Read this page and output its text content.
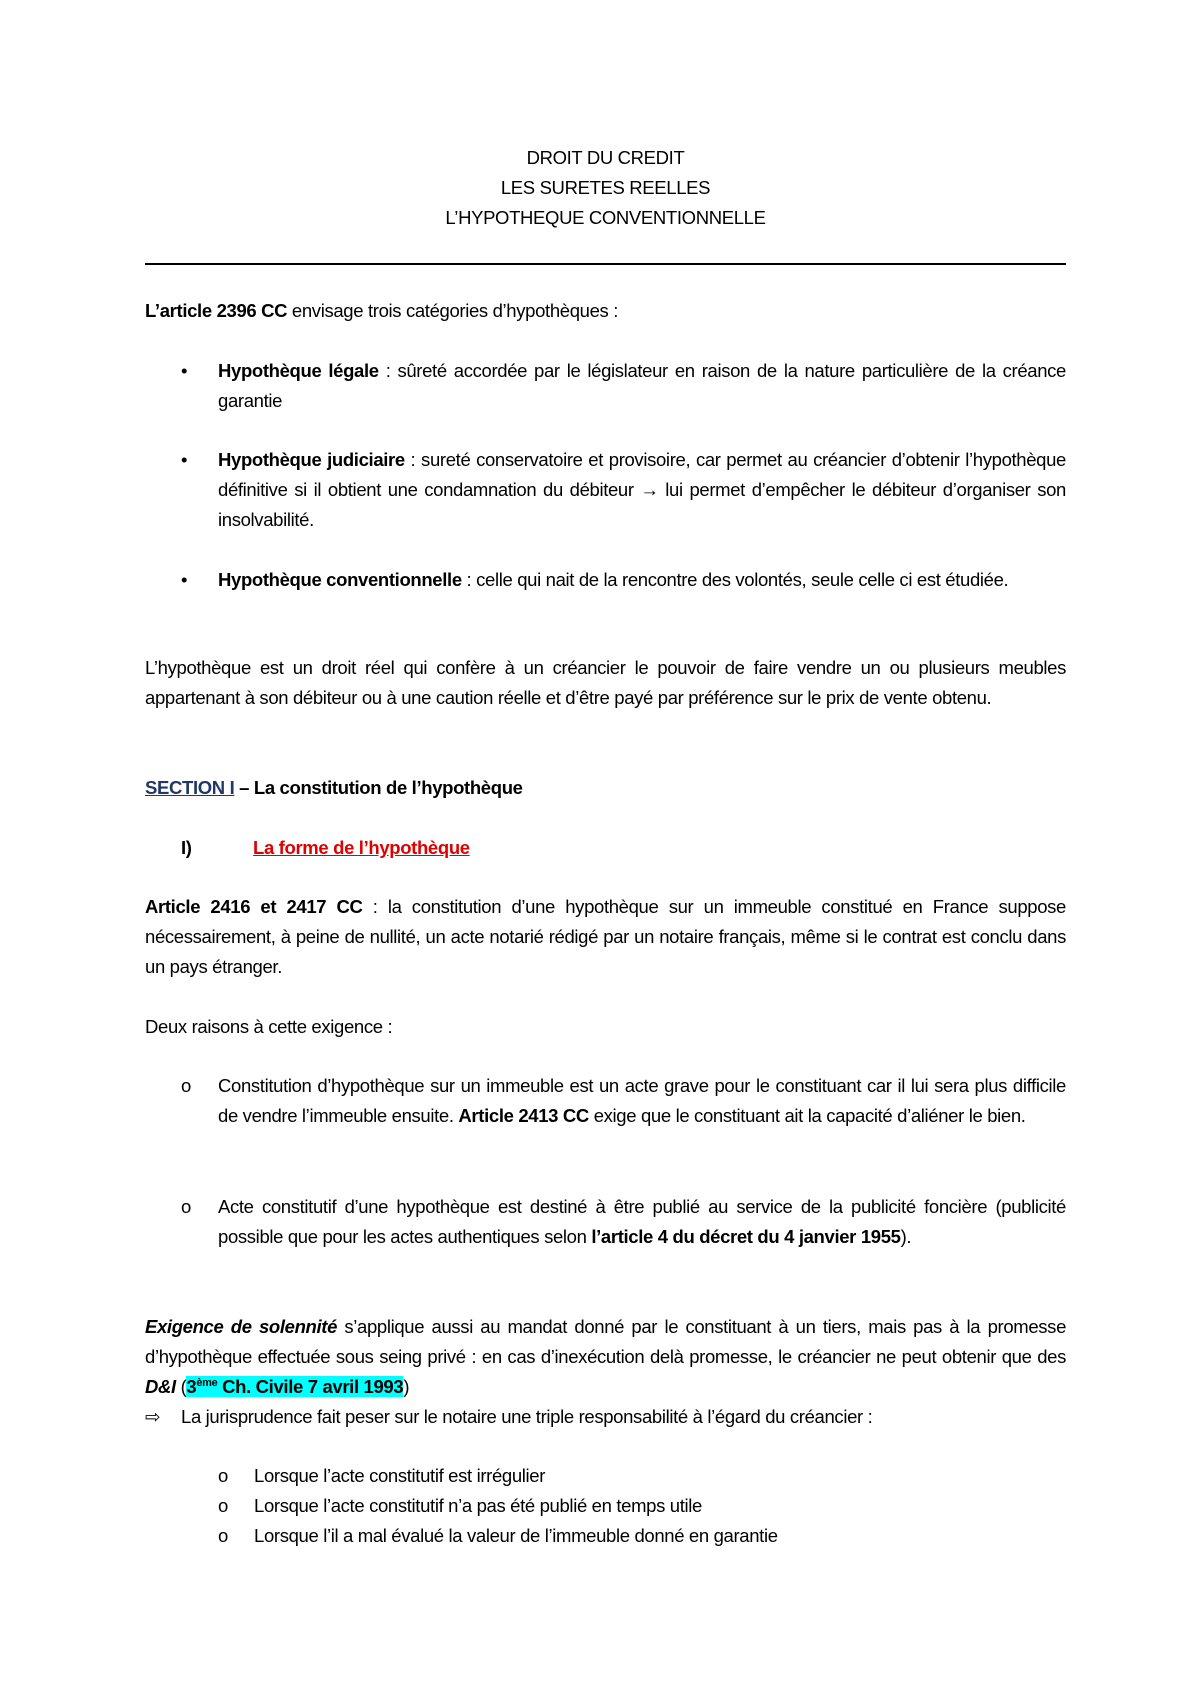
DROIT DU CREDIT
LES SURETES REELLES
L’HYPOTHEQUE CONVENTIONNELLE
L’article 2396 CC envisage trois catégories d’hypothèques :
• Hypothèque légale : sûreté accordée par le législateur en raison de la nature particulière de la créance garantie
• Hypothèque judiciaire : sureté conservatoire et provisoire, car permet au créancier d’obtenir l’hypothèque définitive si il obtient une condamnation du débiteur → lui permet d’empêcher le débiteur d’organiser son insolvabilité.
• Hypothèque conventionnelle : celle qui nait de la rencontre des volontés, seule celle ci est étudiée.
L’hypothèque est un droit réel qui confère à un créancier le pouvoir de faire vendre un ou plusieurs meubles appartenant à son débiteur ou à une caution réelle et d’être payé par préférence sur le prix de vente obtenu.
SECTION I – La constitution de l’hypothèque
I)	La forme de l’hypothèque
Article 2416 et 2417 CC : la constitution d’une hypothèque sur un immeuble constitué en France suppose nécessairement, à peine de nullité, un acte notarié rédigé par un notaire français, même si le contrat est conclu dans un pays étranger.
Deux raisons à cette exigence :
o Constitution d’hypothèque sur un immeuble est un acte grave pour le constituant car il lui sera plus difficile de vendre l’immeuble ensuite. Article 2413 CC exige que le constituant ait la capacité d’aliéner le bien.
o Acte constitutif d’une hypothèque est destiné à être publié au service de la publicité foncière (publicité possible que pour les actes authentiques selon l’article 4 du décret du 4 janvier 1955).
Exigence de solennité s’applique aussi au mandat donné par le constituant à un tiers, mais pas à la promesse d’hypothèque effectuée sous seing privé : en cas d’inexécution delà promesse, le créancier ne peut obtenir que des D&I (3ème Ch. Civile 7 avril 1993)
⇨ La jurisprudence fait peser sur le notaire une triple responsabilité à l’égard du créancier :
o Lorsque l’acte constitutif est irrégulier
o Lorsque l’acte constitutif n’a pas été publié en temps utile
o Lorsque l’il a mal évalué la valeur de l’immeuble donné en garantie
